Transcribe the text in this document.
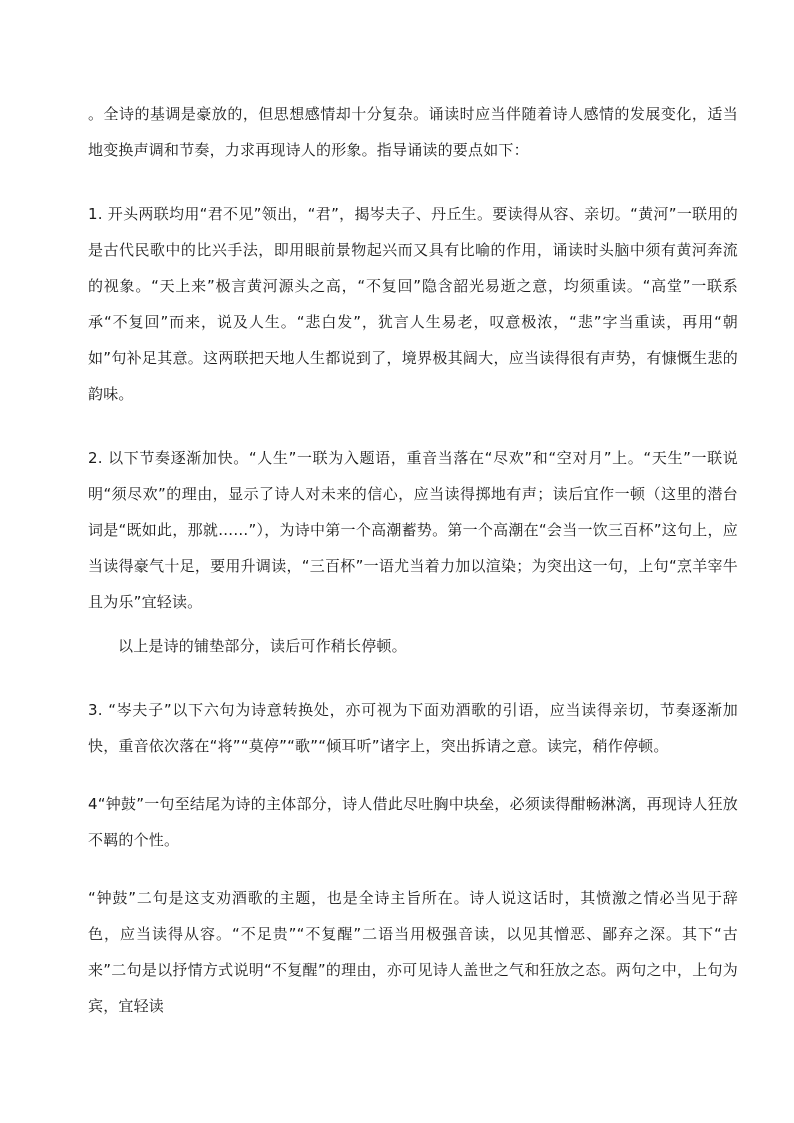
。全诗的基调是豪放的，但思想感情却十分复杂。诵读时应当伴随着诗人感情的发展变化，适当地变换声调和节奏，力求再现诗人的形象。指导诵读的要点如下：

1. 开头两联均用“君不见”领出，“君”，揭岑夫子、丹丘生。要读得从容、亲切。“黄河”一联用的是古代民歌中的比兴手法，即用眼前景物起兴而又具有比喻的作用，诵读时头脑中须有黄河奔流的视象。“天上来”极言黄河源头之高，“不复回”隐含韶光易逝之意，均须重读。“高堂”一联系承“不复回”而来，说及人生。“悲白发”，犹言人生易老，叹意极浓，“悲”字当重读，再用“朝如”句补足其意。这两联把天地人生都说到了，境界极其阔大，应当读得很有声势，有慷慨生悲的韵味。

2. 以下节奏逐渐加快。“人生”一联为入题语，重音当落在“尽欢”和“空对月”上。“天生”一联说明“须尽欢”的理由，显示了诗人对未来的信心，应当读得掷地有声；读后宜作一顿（这里的潜台词是“既如此，那就……”），为诗中第一个高潮蓄势。第一个高潮在“会当一饮三百杯”这句上，应当读得豪气十足，要用升调读，“三百杯”一语尤当着力加以渲染；为突出这一句，上句“烹羊宰牛且为乐”宜轻读。

以上是诗的铺垫部分，读后可作稍长停顿。

3. “岑夫子”以下六句为诗意转换处，亦可视为下面劝酒歌的引语，应当读得亲切，节奏逐渐加快，重音依次落在“将”“莫停”“歌”“倾耳听”诸字上，突出拆请之意。读完，稍作停顿。

4“钟鼓”一句至结尾为诗的主体部分，诗人借此尽吐胸中块垒，必须读得酣畅淋漓，再现诗人狂放不羁的个性。

“钟鼓”二句是这支劝酒歌的主题，也是全诗主旨所在。诗人说这话时，其愤激之情必当见于辞色，应当读得从容。“不足贵”“不复醒”二语当用极强音读，以见其憎恶、鄙弃之深。其下“古来”二句是以抒情方式说明“不复醒”的理由，亦可见诗人盖世之气和狂放之态。两句之中，上句为宾，宜轻读
